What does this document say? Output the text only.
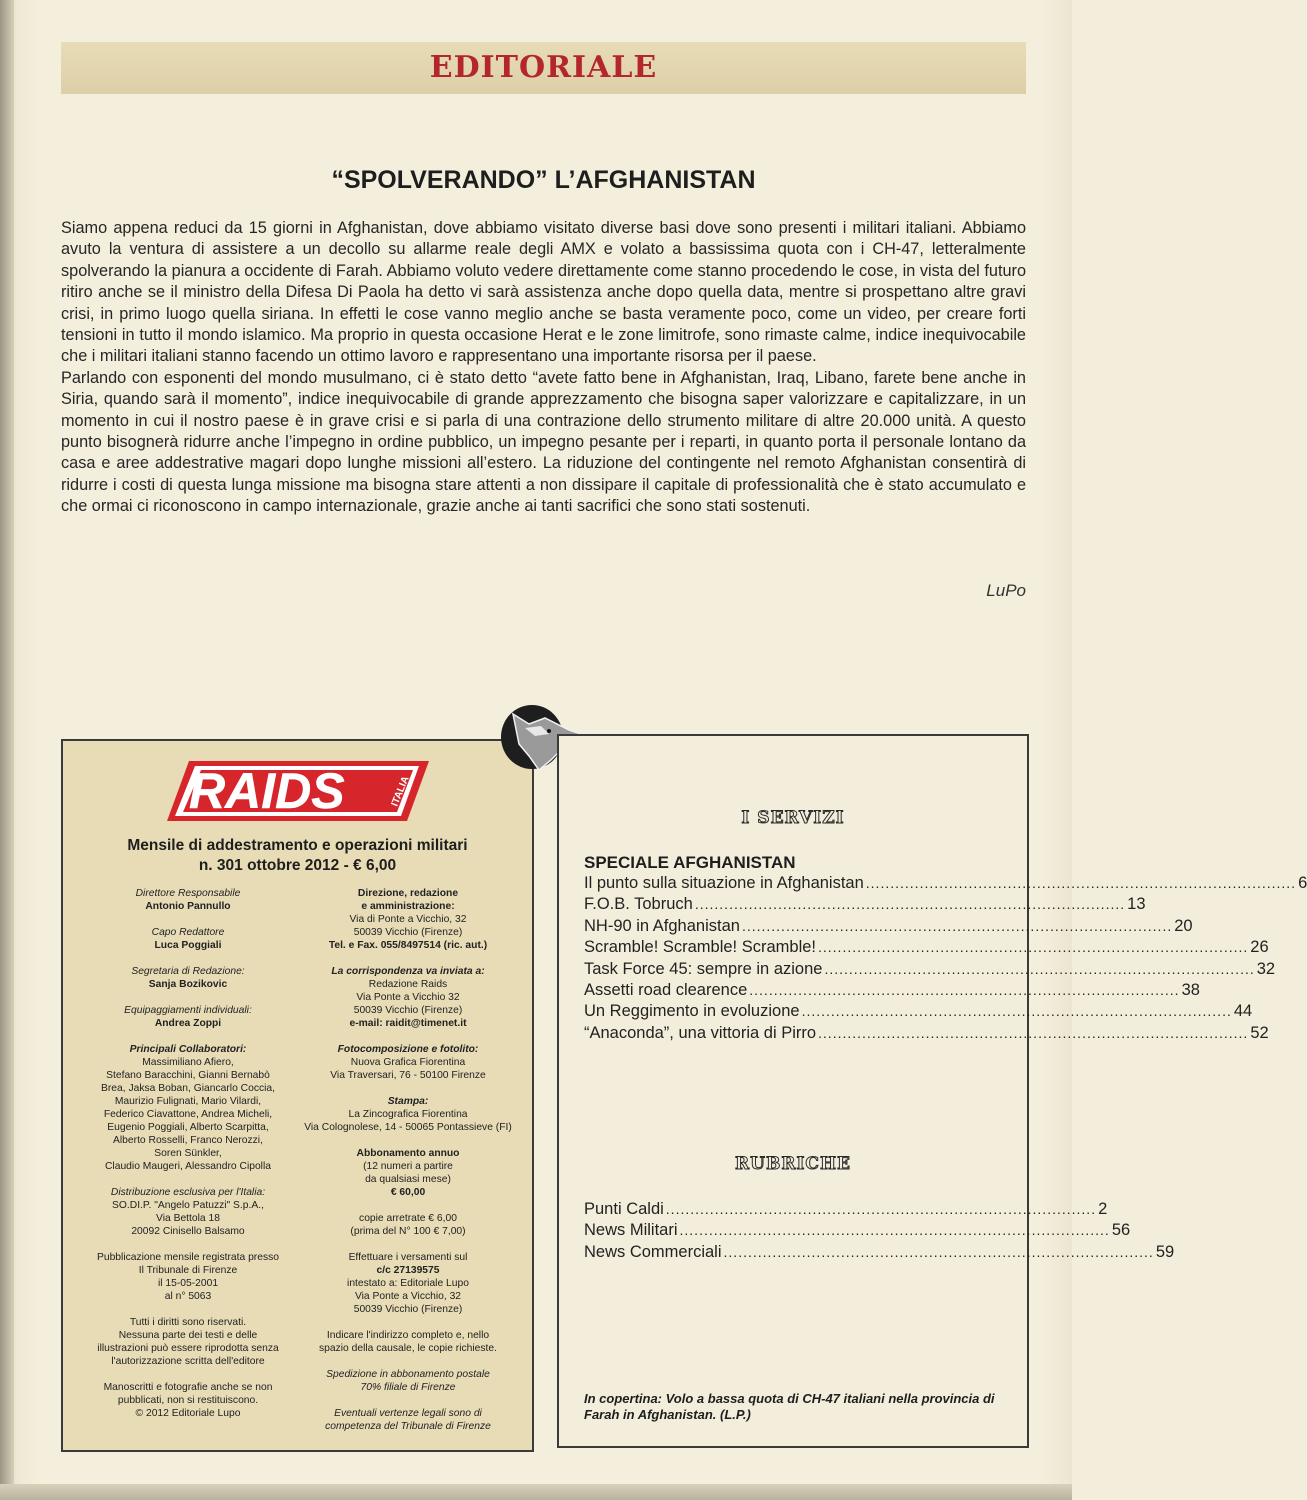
EDITORIALE
“SPOLVERANDO” L’AFGHANISTAN

Siamo appena reduci da 15 giorni in Afghanistan, dove abbiamo visitato diverse basi dove sono presenti i militari italiani. Abbiamo avuto la ventura di assistere a un decollo su allarme reale degli AMX e volato a bassissima quota con i CH-47, letteralmente spolverando la pianura a occidente di Farah. Abbiamo voluto vedere direttamente come stanno procedendo le cose, in vista del futuro ritiro anche se il ministro della Difesa Di Paola ha detto vi sarà assistenza anche dopo quella data, mentre si prospettano altre gravi crisi, in primo luogo quella siriana. In effetti le cose vanno meglio anche se basta veramente poco, come un video, per creare forti tensioni in tutto il mondo islamico. Ma proprio in questa occasione Herat e le zone limitrofe, sono rimaste calme, indice inequivocabile che i militari italiani stanno facendo un ottimo lavoro e rappresentano una importante risorsa per il paese.

Parlando con esponenti del mondo musulmano, ci è stato detto “avete fatto bene in Afghanistan, Iraq, Libano, farete bene anche in Siria, quando sarà il momento”, indice inequivocabile di grande apprezzamento che bisogna saper valorizzare e capitalizzare, in un momento in cui il nostro paese è in grave crisi e si parla di una contrazione dello strumento militare di altre 20.000 unità. A questo punto bisognerà ridurre anche l’impegno in ordine pubblico, un impegno pesante per i reparti, in quanto porta il personale lontano da casa e aree addestrative magari dopo lunghe missioni all’estero. La riduzione del contingente nel remoto Afghanistan consentirà di ridurre i costi di questa lunga missione ma bisogna stare attenti a non dissipare il capitale di professionalità che è stato accumulato e che ormai ci riconoscono in campo internazionale, grazie anche ai tanti sacrifici che sono stati sostenuti.

LuPo
RAIDS	ITALIA
Mensile di addestramento e operazioni militari
n. 301 ottobre 2012 - € 6,00
Direttore Responsabile
Antonio Pannullo
Capo Redattore
Luca Poggiali
Segretaria di Redazione:
Sanja Bozikovic
Equipaggiamenti individuali:
Andrea Zoppi
Principali Collaboratori:
Massimiliano Afiero,
Stefano Baracchini, Gianni Bernabò
Brea, Jaksa Boban, Giancarlo Coccia,
Maurizio Fulignati, Mario Vilardi,
Federico Ciavattone, Andrea Micheli,
Eugenio Poggiali, Alberto Scarpitta,
Alberto Rosselli, Franco Nerozzi,
Soren Sünkler,
Claudio Maugeri, Alessandro Cipolla
Distribuzione esclusiva per l'Italia:
SO.DI.P. "Angelo Patuzzi" S.p.A.,
Via Bettola 18
20092 Cinisello Balsamo
Pubblicazione mensile registrata presso
Il Tribunale di Firenze
il 15-05-2001
al n° 5063
Tutti i diritti sono riservati.
Nessuna parte dei testi e delle
illustrazioni può essere riprodotta senza
l'autorizzazione scritta dell'editore
Manoscritti e fotografie anche se non
pubblicati, non si restituiscono.
© 2012 Editoriale Lupo
Direzione, redazione
e amministrazione:
Via di Ponte a Vicchio, 32
50039 Vicchio (Firenze)
Tel. e Fax. 055/8497514 (ric. aut.)
La corrispondenza va inviata a:
Redazione Raids
Via Ponte a Vicchio 32
50039 Vicchio (Firenze)
e-mail: raidit@timenet.it
Fotocomposizione e fotolito:
Nuova Grafica Fiorentina
Via Traversari, 76 - 50100 Firenze
Stampa:
La Zincografica Fiorentina
Via Colognolese, 14 - 50065 Pontassieve (FI)
Abbonamento annuo
(12 numeri a partire
da qualsiasi mese)
€ 60,00
copie arretrate € 6,00
(prima del N° 100 € 7,00)
Effettuare i versamenti sul
c/c 27139575
intestato a: Editoriale Lupo
Via Ponte a Vicchio, 32
50039 Vicchio (Firenze)
Indicare l'indirizzo completo e, nello
spazio della causale, le copie richieste.
Spedizione in abbonamento postale
70% filiale di Firenze
Eventuali vertenze legali sono di
competenza del Tribunale di Firenze
I SERVIZI
SPECIALE AFGHANISTAN
Il punto sulla situazione in Afghanistan ........................................................................................ 6
F.O.B. Tobruch ........................................................................................ 13
NH-90 in Afghanistan ........................................................................................ 20
Scramble! Scramble! Scramble! ........................................................................................ 26
Task Force 45: sempre in azione ........................................................................................ 32
Assetti road clearence ........................................................................................ 38
Un Reggimento in evoluzione ........................................................................................ 44
“Anaconda”, una vittoria di Pirro ........................................................................................ 52
RUBRICHE
Punti Caldi ........................................................................................ 2
News Militari ........................................................................................ 56
News Commerciali ........................................................................................ 59
In copertina: Volo a bassa quota di CH-47 italiani nella provincia di Farah in Afghanistan. (L.P.)
